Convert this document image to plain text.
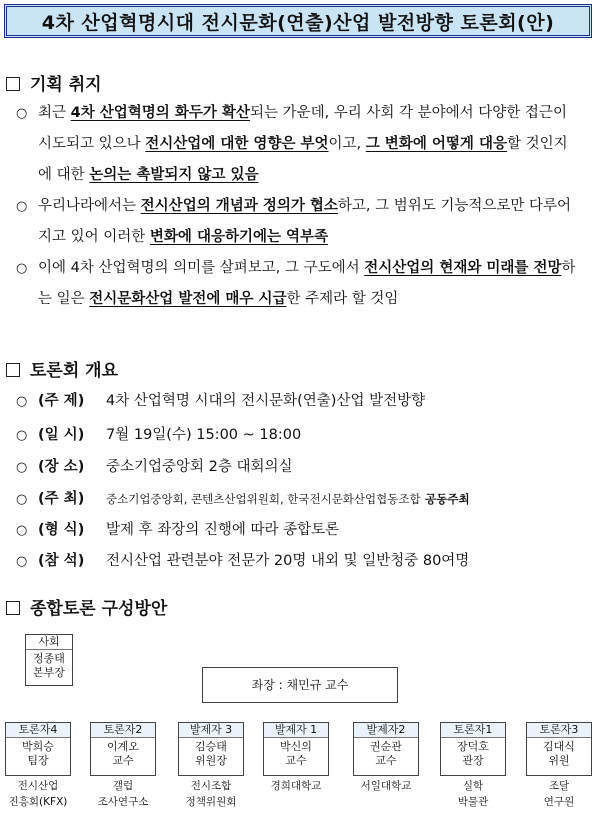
4차 산업혁명시대 전시문화(연출)산업 발전방향 토론회(안)
기획 취지
○ 최근 4차 산업혁명의 화두가 확산되는 가운데, 우리 사회 각 분야에서 다양한 접근이 시도되고 있으나 전시산업에 대한 영향은 부엇이고, 그 변화에 어떻게 대응할 것인지에 대한 논의는 촉발되지 않고 있음
○ 우리나라에서는 전시산업의 개념과 정의가 협소하고, 그 범위도 기능적으로만 다루어지고 있어 이러한 변화에 대응하기에는 역부족
○ 이에 4차 산업혁명의 의미를 살펴보고, 그 구도에서 전시산업의 현재와 미래를 전망하는 일은 전시문화산업 발전에 매우 시급한 주제라 할 것임
토론회 개요
○ (주 제) 4차 산업혁명 시대의 전시문화(연출)산업 발전방향
○ (일 시) 7월 19일(수) 15:00 ~ 18:00
○ (장 소) 중소기업중앙회 2층 대회의실
○ (주 최) 중소기업중앙회, 콘텐츠산업위원회, 한국전시문화산업협동조합 공동주최
○ (형 식) 발제 후 좌장의 진행에 따라 종합토론
○ (참 석) 전시산업 관련분야 전문가 20명 내외 및 일반청중 80여명
종합토론 구성방안
사회
정종태
본부장
좌장 : 채민규 교수
토론자4
박희승
팀장
전시산업
진흥회(KFX)
토론자2
이계오
교수
갤럽
조사연구소
발제자 3
김승태
위원장
전시조합
정책위원회
발제자 1
박신의
교수
경희대학교
발제자2
권순관
교수
서일대학교
토론자1
장덕호
관장
실학
박물관
토론자3
김대식
위원
조달
연구원
